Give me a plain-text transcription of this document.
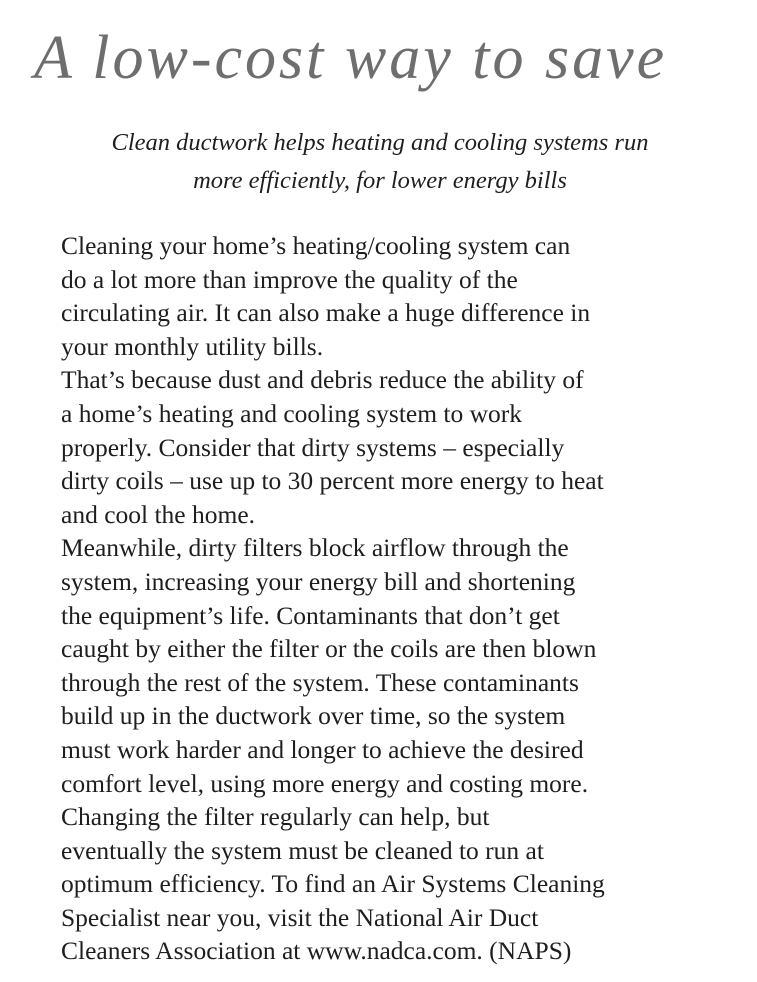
A low-cost way to save
Clean ductwork helps heating and cooling systems run
more efficiently, for lower energy bills

Cleaning your home’s heating/cooling system can
do a lot more than improve the quality of the
circulating air. It can also make a huge difference in
your monthly utility bills.

That’s because dust and debris reduce the ability of
a home’s heating and cooling system to work
properly. Consider that dirty systems – especially
dirty coils – use up to 30 percent more energy to heat
and cool the home.

Meanwhile, dirty filters block airflow through the
system, increasing your energy bill and shortening
the equipment’s life. Contaminants that don’t get
caught by either the filter or the coils are then blown
through the rest of the system. These contaminants
build up in the ductwork over time, so the system
must work harder and longer to achieve the desired
comfort level, using more energy and costing more.

Changing the filter regularly can help, but
eventually the system must be cleaned to run at
optimum efficiency. To find an Air Systems Cleaning
Specialist near you, visit the National Air Duct
Cleaners Association at www.nadca.com. (NAPS)
